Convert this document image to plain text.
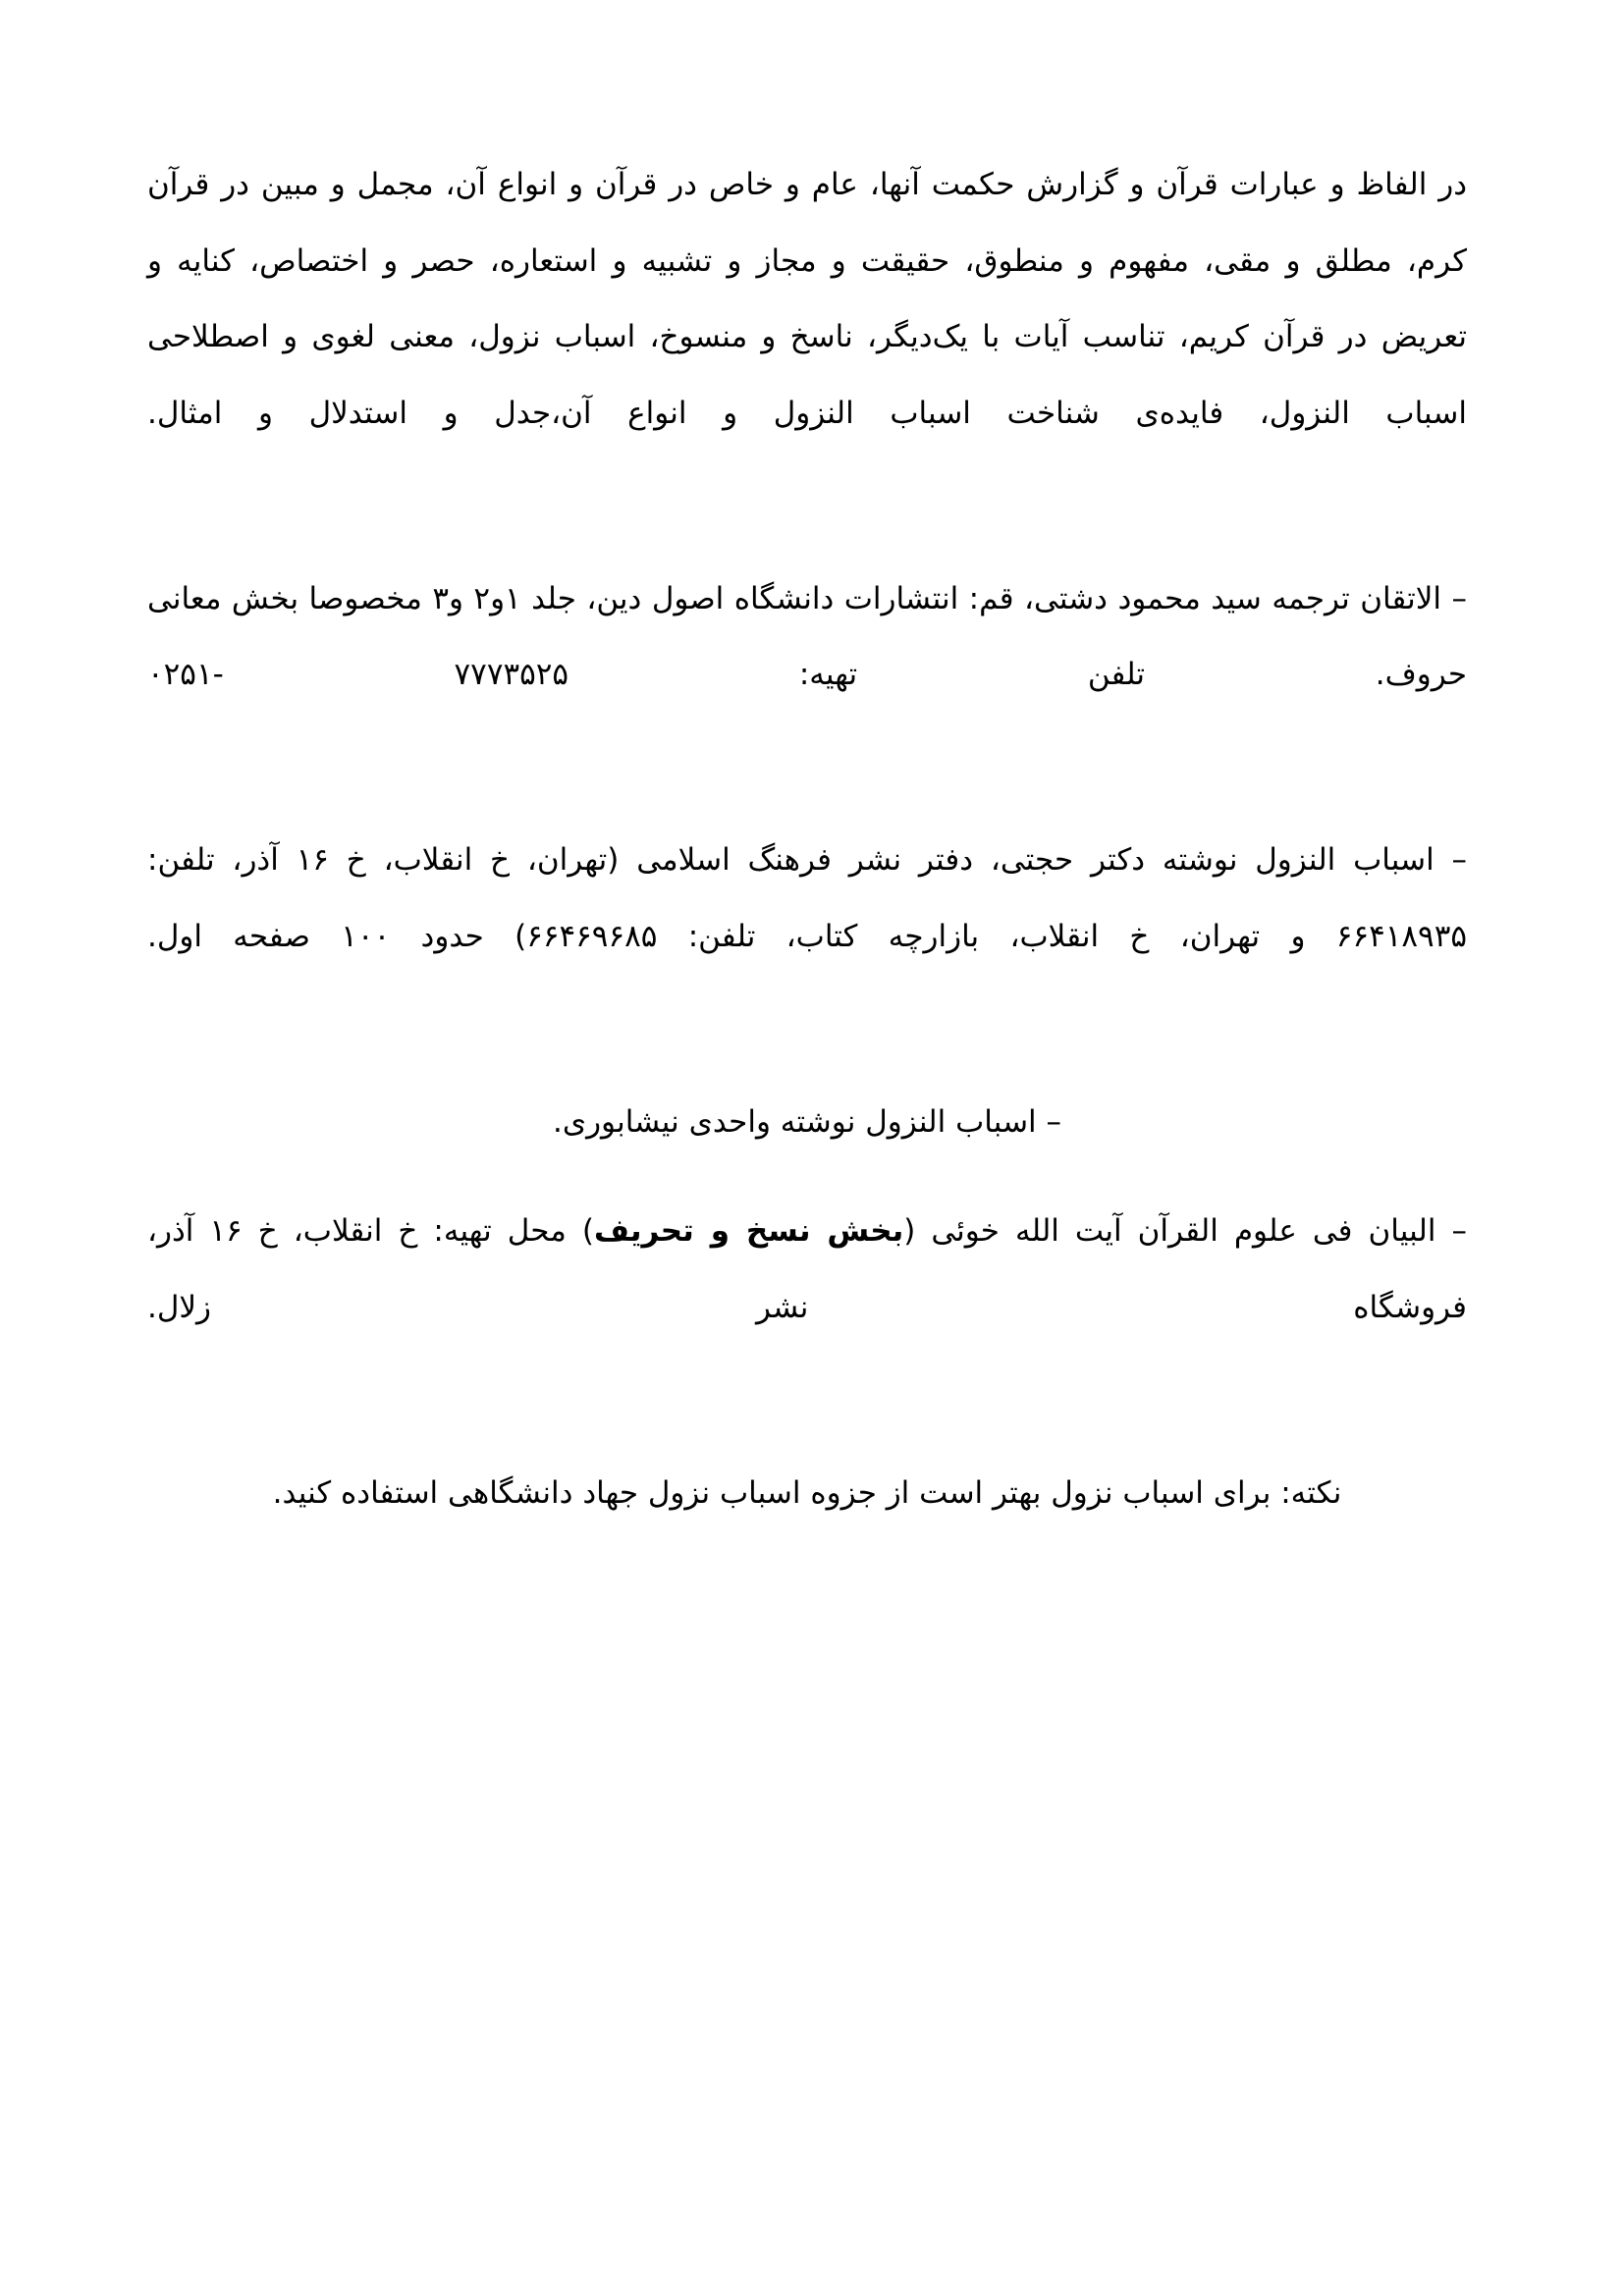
در الفاظ و عبارات قرآن و گزارش حکمت آنها، عام و خاص در قرآن و انواع آن، مجمل و مبین در قرآن کرم، مطلق و مقی، مفهوم و منطوق، حقیقت و مجاز و تشبیه و استعاره، حصر و اختصاص، کنایه و تعریض در قرآن کریم، تناسب آیات با یک‌دیگر، ناسخ و منسوخ، اسباب نزول، معنی لغوی و اصطلاحی اسباب النزول، فایده‌ی شناخت اسباب النزول و انواع آن،جدل و استدلال و امثال.

– الاتقان ترجمه سید محمود دشتی، قم: انتشارات دانشگاه اصول دین، جلد ۱و۲ و۳ مخصوصا بخش معانی حروف. تلفن تهیه: ۷۷۷۳۵۲۵ -۰۲۵۱

– اسباب النزول نوشته دکتر حجتی، دفتر نشر فرهنگ اسلامی (تهران، خ انقلاب، خ ۱۶ آذر، تلفن: ۶۶۴۱۸۹۳۵ و تهران، خ انقلاب، بازارچه کتاب، تلفن: ۶۶۴۶۹۶۸۵) حدود ۱۰۰ صفحه اول.

– اسباب النزول نوشته واحدی نیشابوری.

– البیان فی علوم القرآن آیت الله خوئی (بخش نسخ و تحریف) محل تهیه: خ انقلاب، خ ۱۶ آذر، فروشگاه نشر زلال.

نکته: برای اسباب نزول بهتر است از جزوه اسباب نزول جهاد دانشگاهی استفاده کنید.
